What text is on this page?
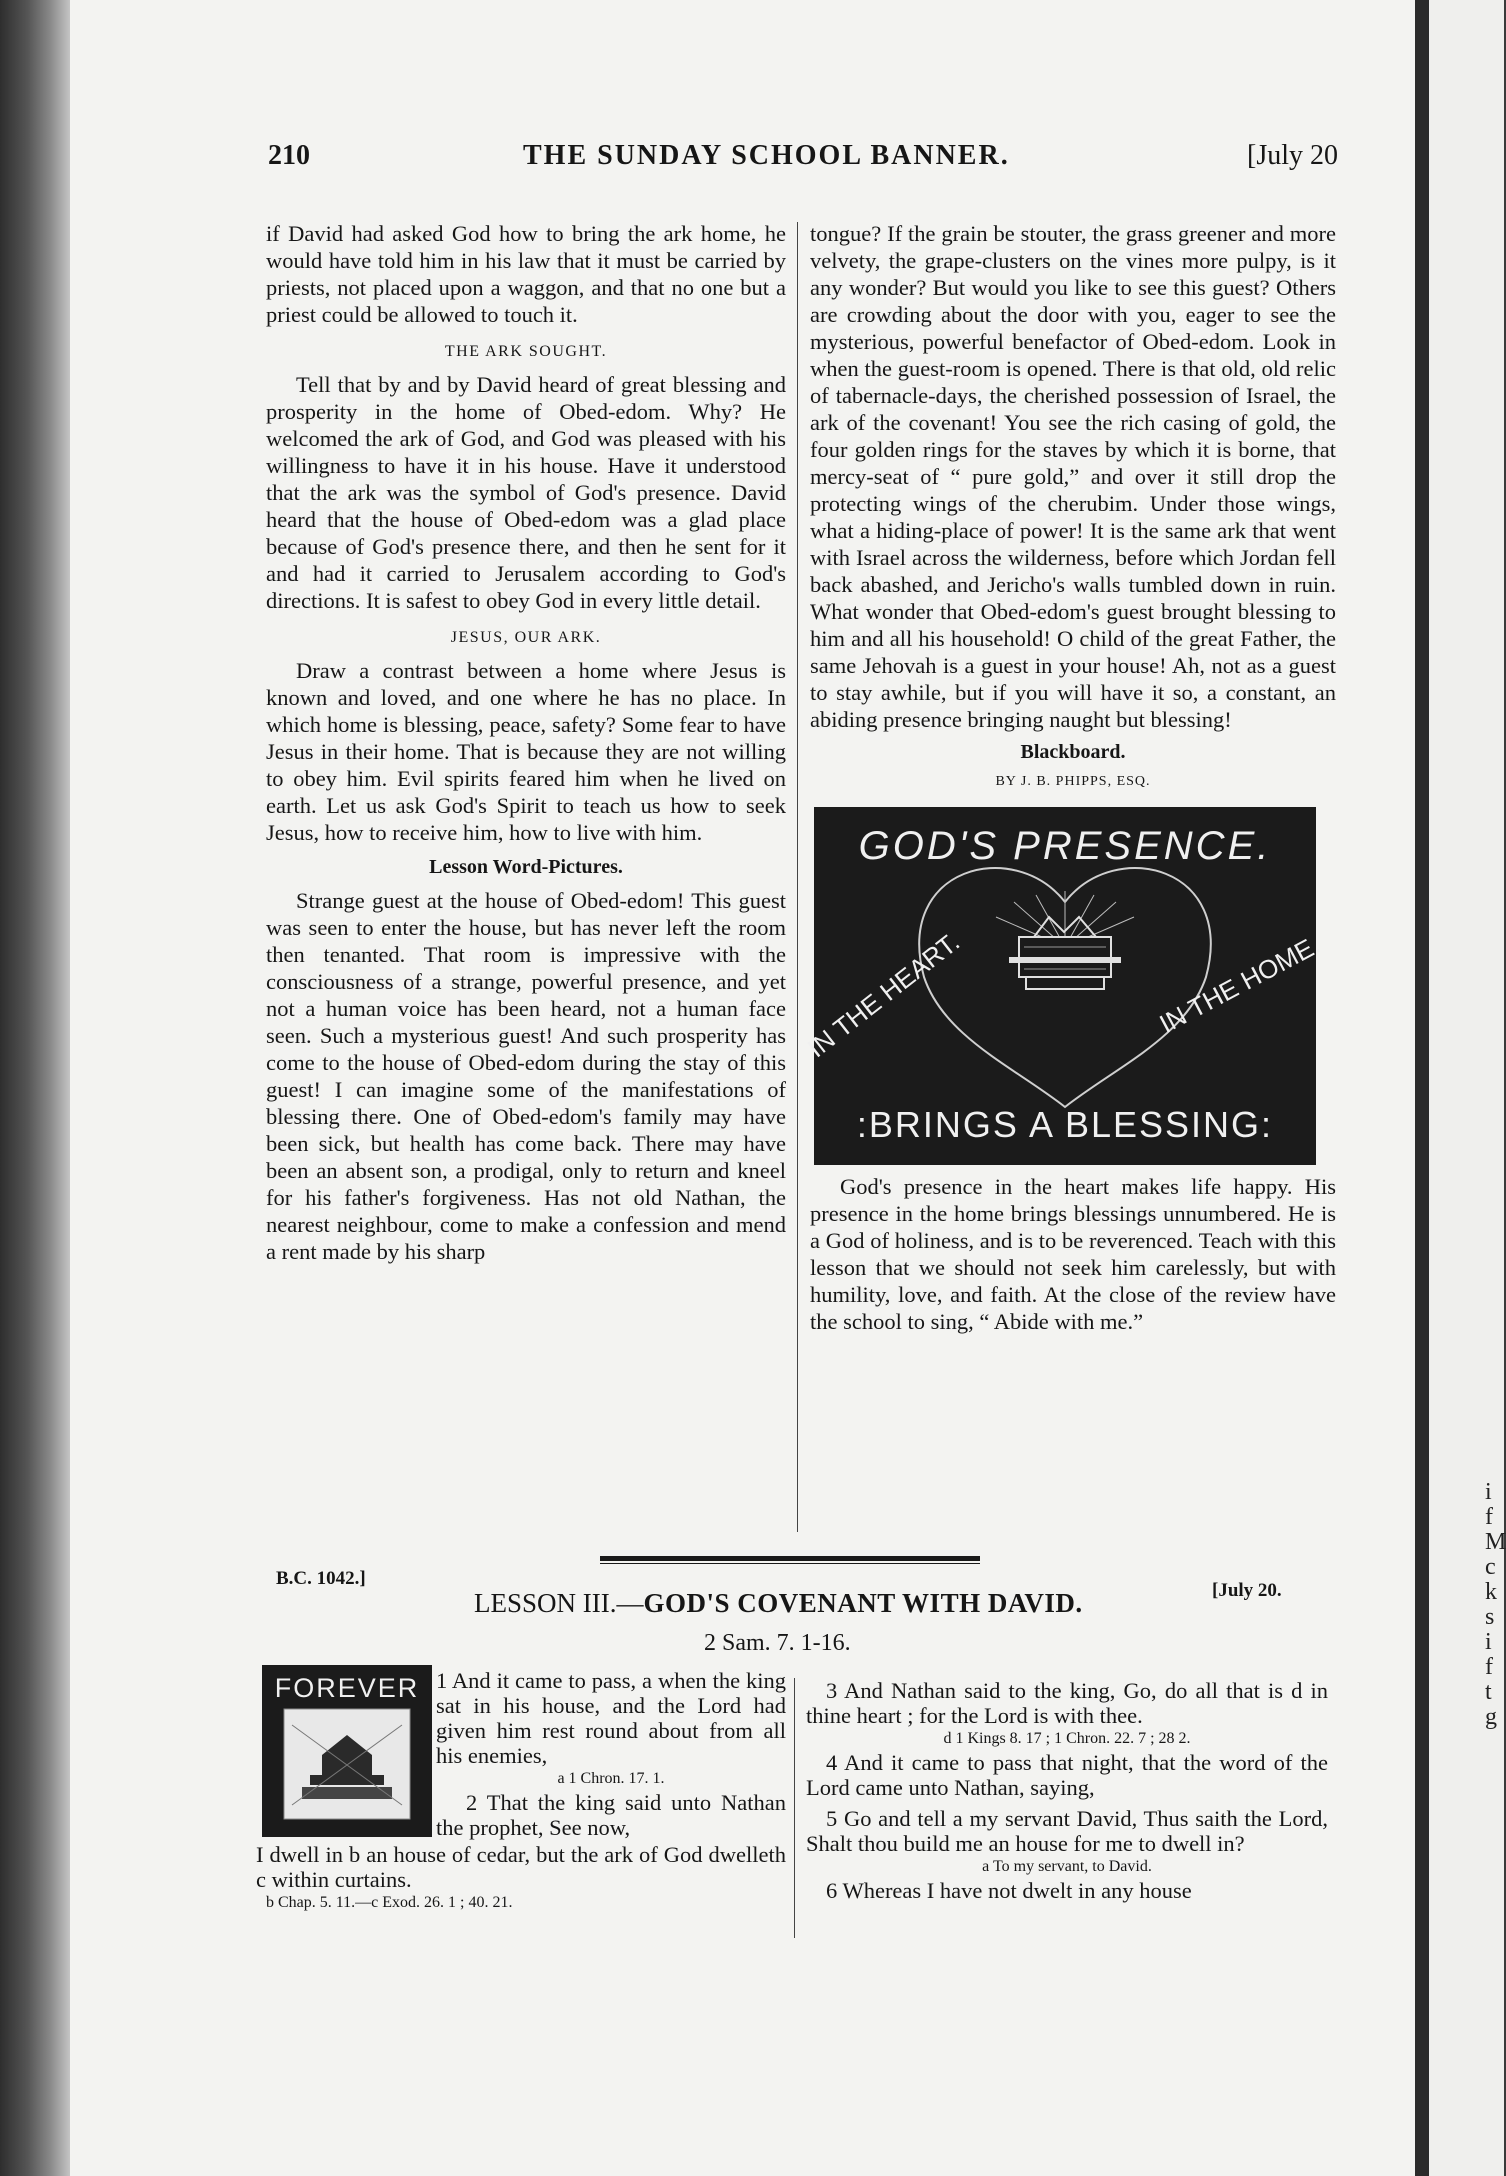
i
f
M
c
k
s
i
f
t
g
210	THE SUNDAY SCHOOL BANNER.	[July 20

if David had asked God how to bring the ark home, he would have told him in his law that it must be carried by priests, not placed upon a waggon, and that no one but a priest could be allowed to touch it.

THE ARK SOUGHT.

Tell that by and by David heard of great blessing and prosperity in the home of Obed-edom. Why? He welcomed the ark of God, and God was pleased with his willingness to have it in his house. Have it understood that the ark was the symbol of God's presence. David heard that the house of Obed-edom was a glad place because of God's presence there, and then he sent for it and had it carried to Jerusalem according to God's directions. It is safest to obey God in every little detail.

JESUS, OUR ARK.

Draw a contrast between a home where Jesus is known and loved, and one where he has no place. In which home is blessing, peace, safety? Some fear to have Jesus in their home. That is because they are not willing to obey him. Evil spirits feared him when he lived on earth. Let us ask God's Spirit to teach us how to seek Jesus, how to receive him, how to live with him.

Lesson Word-Pictures.

Strange guest at the house of Obed-edom! This guest was seen to enter the house, but has never left the room then tenanted. That room is impressive with the consciousness of a strange, powerful presence, and yet not a human voice has been heard, not a human face seen. Such a mysterious guest! And such prosperity has come to the house of Obed-edom during the stay of this guest! I can imagine some of the manifestations of blessing there. One of Obed-edom's family may have been sick, but health has come back. There may have been an absent son, a prodigal, only to return and kneel for his father's forgiveness. Has not old Nathan, the nearest neighbour, come to make a confession and mend a rent made by his sharp

tongue? If the grain be stouter, the grass greener and more velvety, the grape-clusters on the vines more pulpy, is it any wonder? But would you like to see this guest? Others are crowding about the door with you, eager to see the mysterious, powerful benefactor of Obed-edom. Look in when the guest-room is opened. There is that old, old relic of tabernacle-days, the cherished possession of Israel, the ark of the covenant! You see the rich casing of gold, the four golden rings for the staves by which it is borne, that mercy-seat of “ pure gold,” and over it still drop the protecting wings of the cherubim. Under those wings, what a hiding-place of power! It is the same ark that went with Israel across the wilderness, before which Jordan fell back abashed, and Jericho's walls tumbled down in ruin. What wonder that Obed-edom's guest brought blessing to him and all his household! O child of the great Father, the same Jehovah is a guest in your house! Ah, not as a guest to stay awhile, but if you will have it so, a constant, an abiding presence bringing naught but blessing!

Blackboard.
BY J. B. PHIPPS, ESQ.
GOD'S PRESENCE.
IN THE HEART.	IN THE HOME.
:BRINGS A BLESSING:

God's presence in the heart makes life happy. His presence in the home brings blessings unnumbered. He is a God of holiness, and is to be reverenced. Teach with this lesson that we should not seek him carelessly, but with humility, love, and faith. At the close of the review have the school to sing, “ Abide with me.”

B.C. 1042.]
[July 20.
LESSON III.—GOD'S COVENANT WITH DAVID.
2 Sam. 7. 1-16.
FOREVER 1 And it came to pass, a when the king sat in his house, and the Lord had given him rest round about from all his enemies,

a 1 Chron. 17. 1.

2 That the king said unto Nathan the prophet, See now,

I dwell in b an house of cedar, but the ark of God dwelleth c within curtains.

b Chap. 5. 11.—c Exod. 26. 1 ; 40. 21.

3 And Nathan said to the king, Go, do all that is d in thine heart ; for the Lord is with thee.

d 1 Kings 8. 17 ; 1 Chron. 22. 7 ; 28 2.

4 And it came to pass that night, that the word of the Lord came unto Nathan, saying,

5 Go and tell a my servant David, Thus saith the Lord, Shalt thou build me an house for me to dwell in?

a To my servant, to David.

6 Whereas I have not dwelt in any house
